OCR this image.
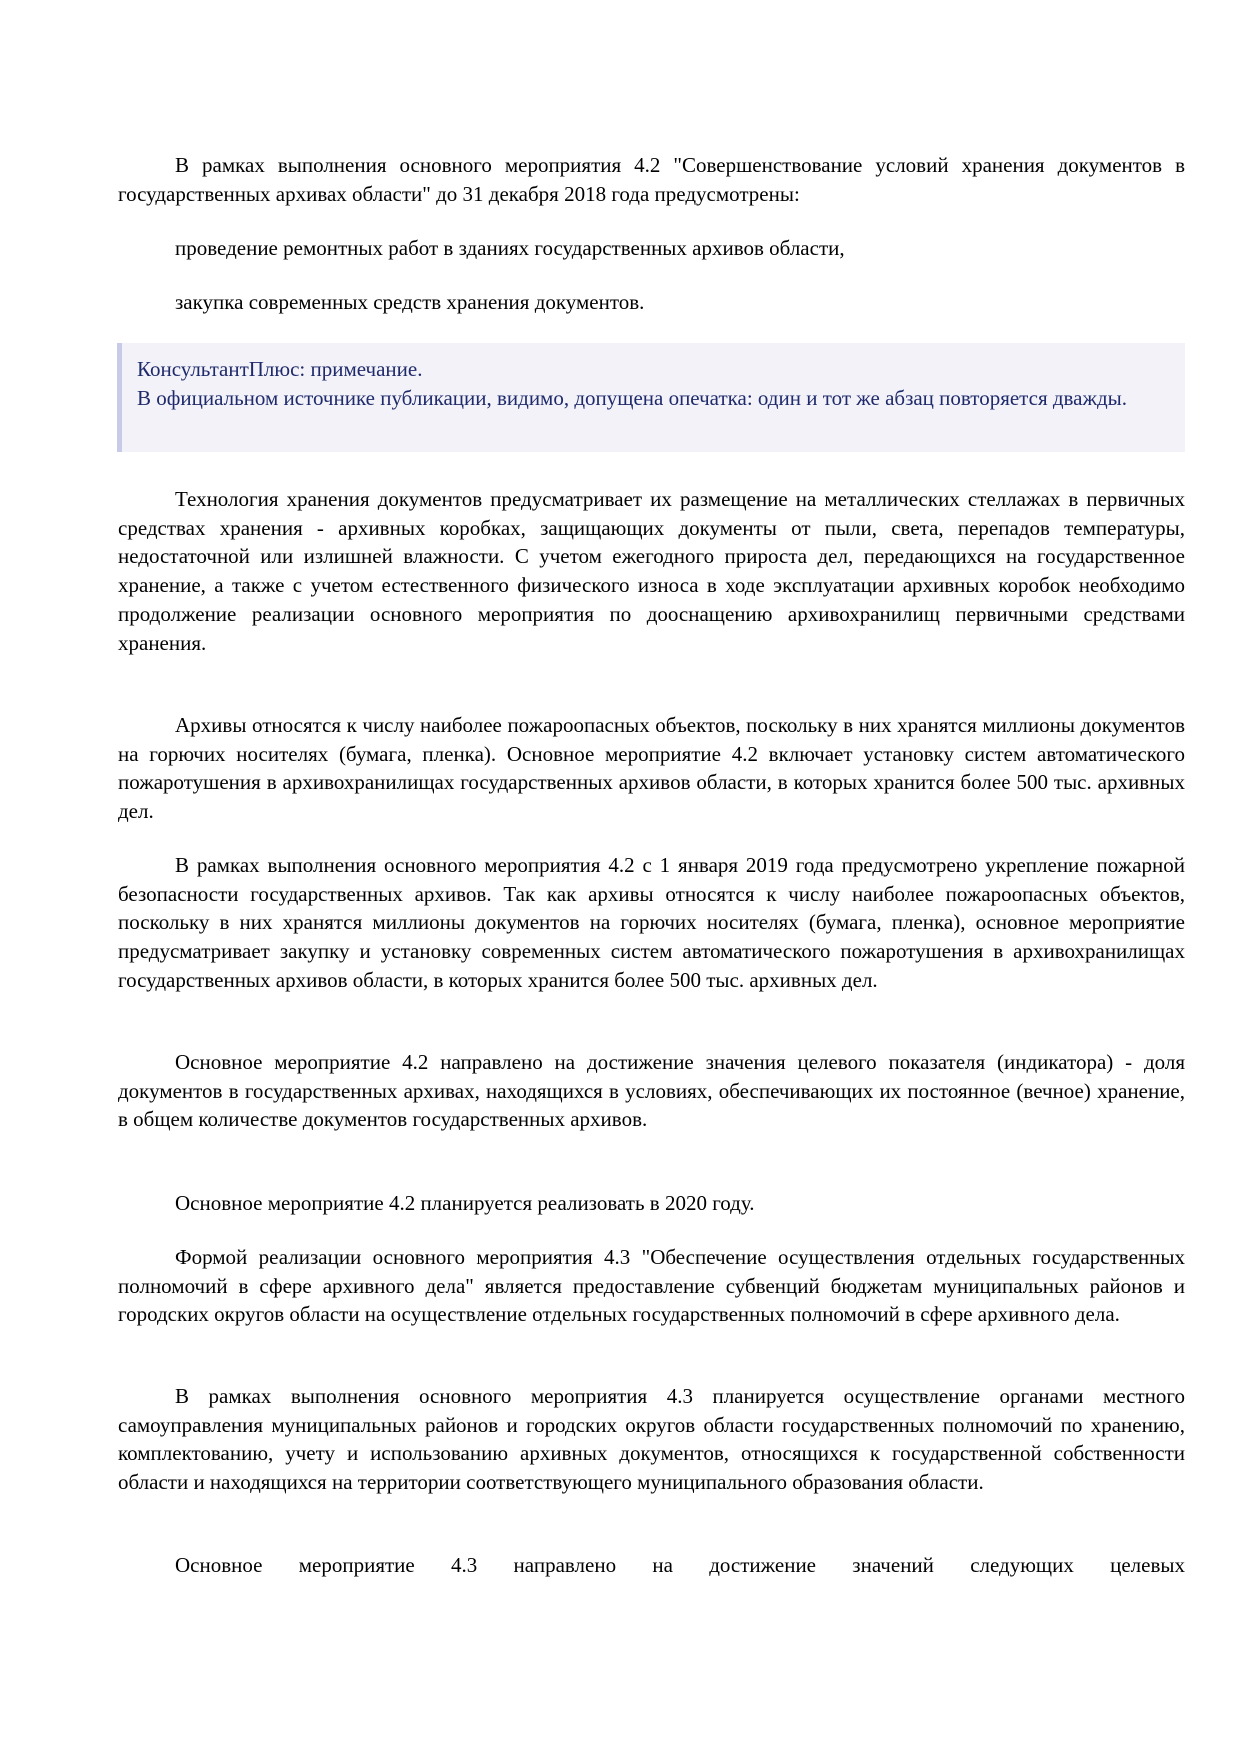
В рамках выполнения основного мероприятия 4.2 "Совершенствование условий хранения документов в государственных архивах области" до 31 декабря 2018 года предусмотрены:

проведение ремонтных работ в зданиях государственных архивов области,

закупка современных средств хранения документов.

КонсультантПлюс: примечание.
В официальном источнике публикации, видимо, допущена опечатка: один и тот же абзац повторяется дважды.

Технология хранения документов предусматривает их размещение на металлических стеллажах в первичных средствах хранения - архивных коробках, защищающих документы от пыли, света, перепадов температуры, недостаточной или излишней влажности. С учетом ежегодного прироста дел, передающихся на государственное хранение, а также с учетом естественного физического износа в ходе эксплуатации архивных коробок необходимо продолжение реализации основного мероприятия по дооснащению архивохранилищ первичными средствами хранения.

Архивы относятся к числу наиболее пожароопасных объектов, поскольку в них хранятся миллионы документов на горючих носителях (бумага, пленка). Основное мероприятие 4.2 включает установку систем автоматического пожаротушения в архивохранилищах государственных архивов области, в которых хранится более 500 тыс. архивных дел.

В рамках выполнения основного мероприятия 4.2 с 1 января 2019 года предусмотрено укрепление пожарной безопасности государственных архивов. Так как архивы относятся к числу наиболее пожароопасных объектов, поскольку в них хранятся миллионы документов на горючих носителях (бумага, пленка), основное мероприятие предусматривает закупку и установку современных систем автоматического пожаротушения в архивохранилищах государственных архивов области, в которых хранится более 500 тыс. архивных дел.

Основное мероприятие 4.2 направлено на достижение значения целевого показателя (индикатора) - доля документов в государственных архивах, находящихся в условиях, обеспечивающих их постоянное (вечное) хранение, в общем количестве документов государственных архивов.

Основное мероприятие 4.2 планируется реализовать в 2020 году.

Формой реализации основного мероприятия 4.3 "Обеспечение осуществления отдельных государственных полномочий в сфере архивного дела" является предоставление субвенций бюджетам муниципальных районов и городских округов области на осуществление отдельных государственных полномочий в сфере архивного дела.

В рамках выполнения основного мероприятия 4.3 планируется осуществление органами местного самоуправления муниципальных районов и городских округов области государственных полномочий по хранению, комплектованию, учету и использованию архивных документов, относящихся к государственной собственности области и находящихся на территории соответствующего муниципального образования области.

Основное мероприятие 4.3 направлено на достижение значений следующих целевых
